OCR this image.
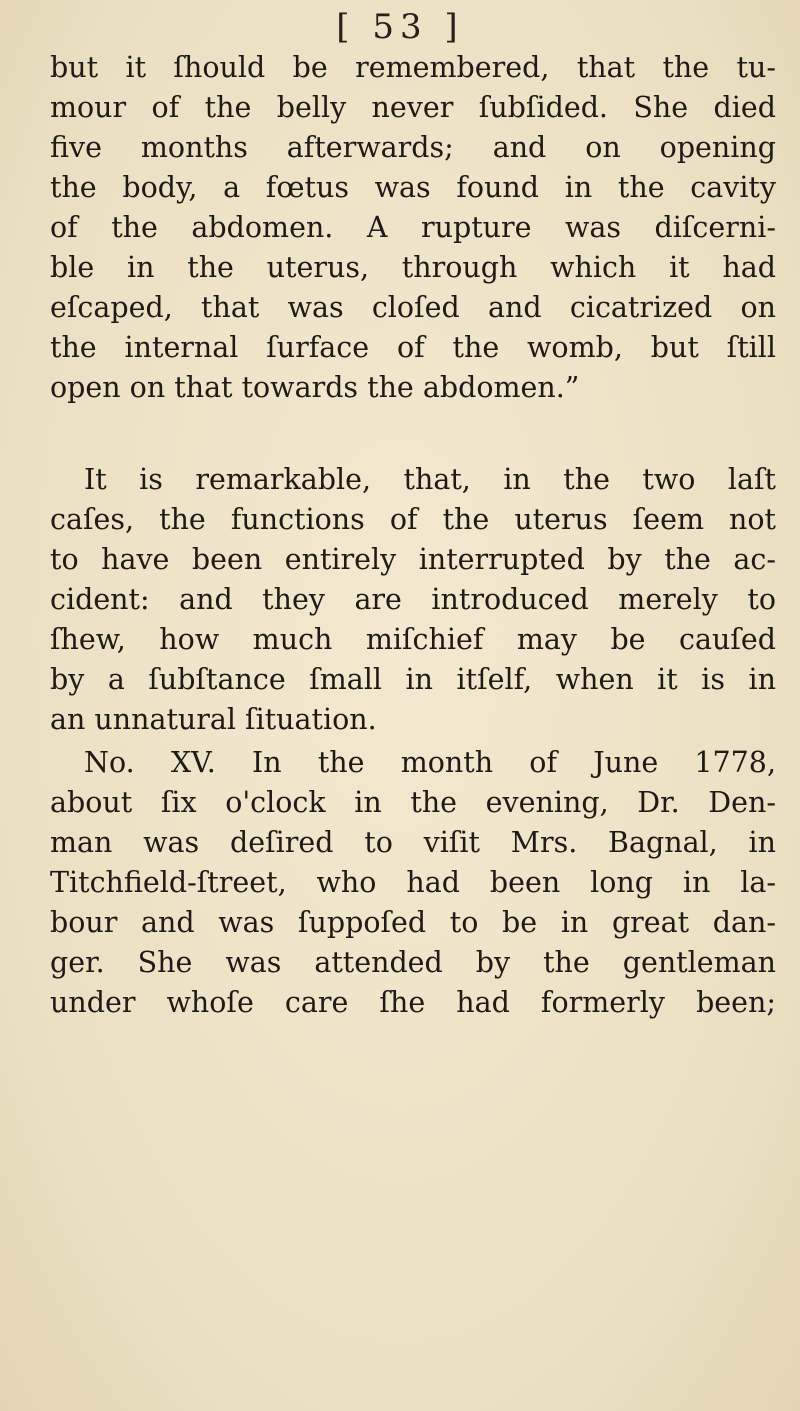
[ 53 ]
but it ſhould be remembered, that the tu-
mour of the belly never ſubſided. She died
five months afterwards; and on opening
the body, a fœtus was found in the cavity
of the abdomen. A rupture was diſcerni-
ble in the uterus, through which it had
eſcaped, that was cloſed and cicatrized on
the internal ſurface of the womb, but ſtill
open on that towards the abdomen.”
It is remarkable, that, in the two laſt
caſes, the functions of the uterus ſeem not
to have been entirely interrupted by the ac-
cident: and they are introduced merely to
ſhew, how much miſchief may be cauſed
by a ſubſtance ſmall in itſelf, when it is in
an unnatural ſituation.
No. XV. In the month of June 1778,
about ſix o'clock in the evening, Dr. Den-
man was deſired to viſit Mrs. Bagnal, in
Titchfield-ſtreet, who had been long in la-
bour and was ſuppoſed to be in great dan-
ger. She was attended by the gentleman
under whoſe care ſhe had formerly been;
